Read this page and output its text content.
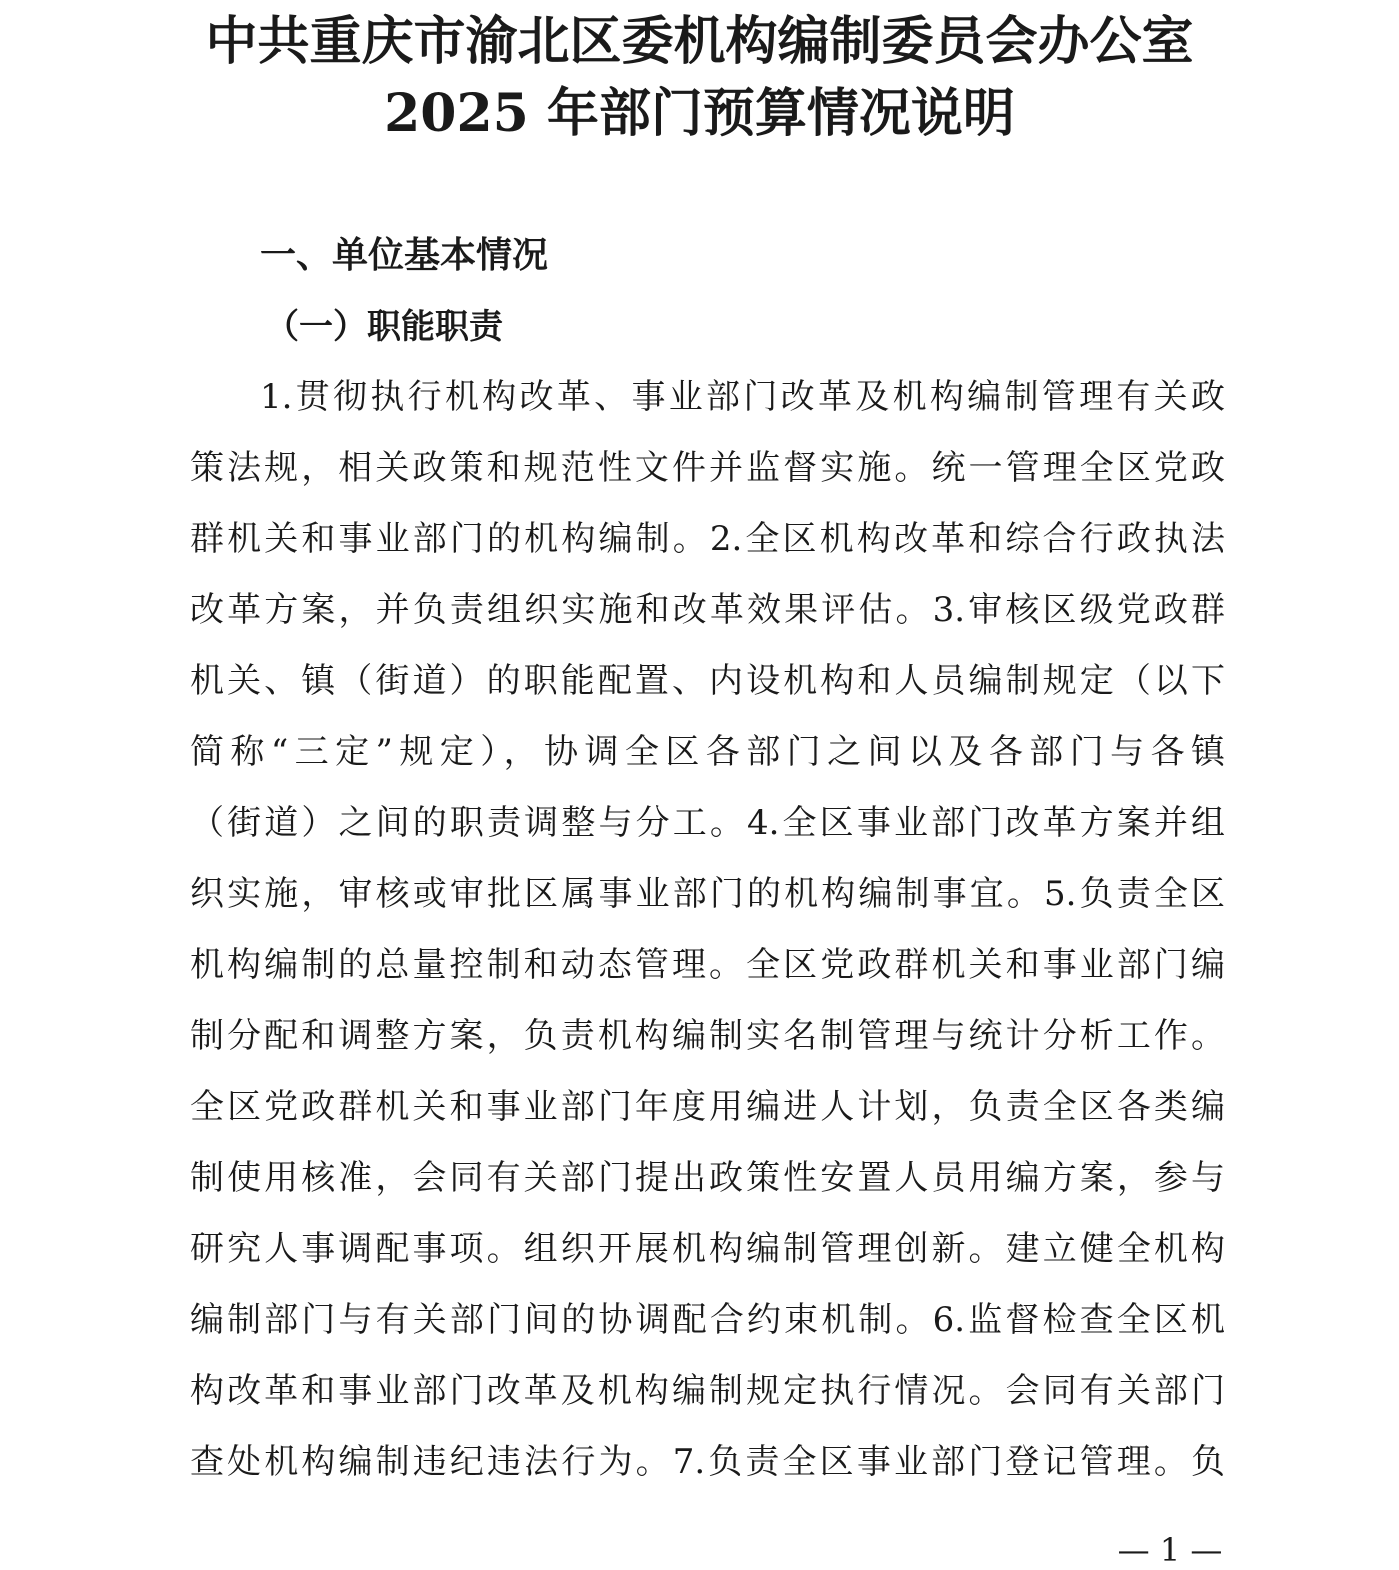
中共重庆市渝北区委机构编制委员会办公室
2025 年部门预算情况说明
一、单位基本情况
（一）职能职责
1.贯彻执行机构改革、事业部门改革及机构编制管理有关政
策法规，相关政策和规范性文件并监督实施。统一管理全区党政
群机关和事业部门的机构编制。2.全区机构改革和综合行政执法
改革方案，并负责组织实施和改革效果评估。3.审核区级党政群
机关、镇（街道）的职能配置、内设机构和人员编制规定（以下
简称“三定”规定），协调全区各部门之间以及各部门与各镇
（街道）之间的职责调整与分工。4.全区事业部门改革方案并组
织实施，审核或审批区属事业部门的机构编制事宜。5.负责全区
机构编制的总量控制和动态管理。全区党政群机关和事业部门编
制分配和调整方案，负责机构编制实名制管理与统计分析工作。
全区党政群机关和事业部门年度用编进人计划，负责全区各类编
制使用核准，会同有关部门提出政策性安置人员用编方案，参与
研究人事调配事项。组织开展机构编制管理创新。建立健全机构
编制部门与有关部门间的协调配合约束机制。6.监督检查全区机
构改革和事业部门改革及机构编制规定执行情况。会同有关部门
查处机构编制违纪违法行为。7.负责全区事业部门登记管理。负
— 1 —
